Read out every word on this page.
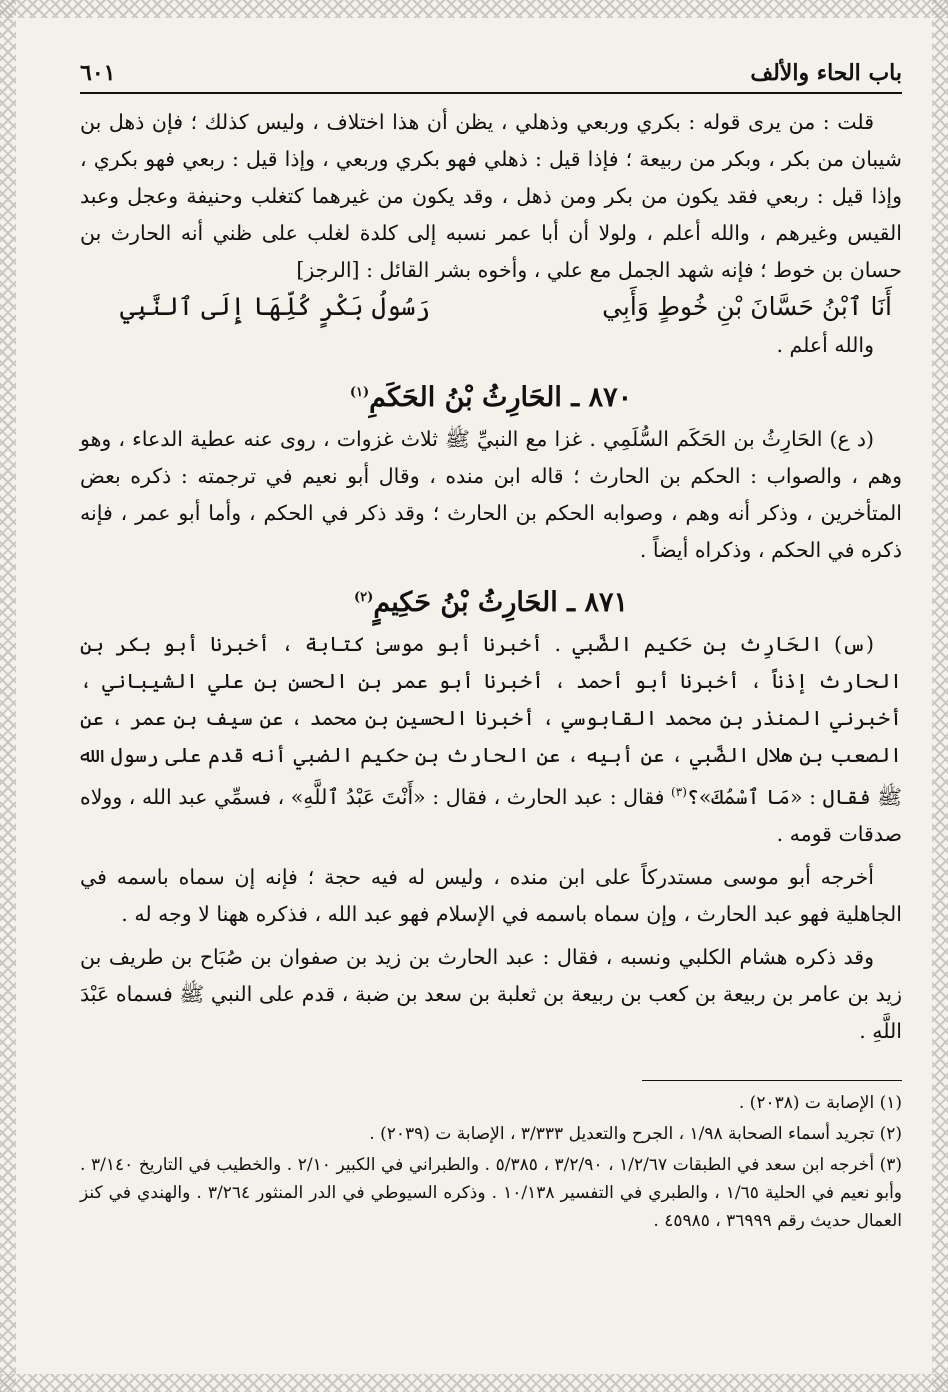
باب الحاء والألف
٦٠١

قلت : من يرى قوله : بكري وربعي وذهلي ، يظن أن هذا اختلاف ، وليس كذلك ؛ فإن ذهل بن شيبان من بكر ، وبكر من ربيعة ؛ فإذا قيل : ذهلي فهو بكري وربعي ، وإذا قيل : ربعي فهو بكري ، وإذا قيل : ربعي فقد يكون من بكر ومن ذهل ، وقد يكون من غيرهما كتغلب وحنيفة وعجل وعبد القيس وغيرهم ، والله أعلم ، ولولا أن أبا عمر نسبه إلى كلدة لغلب على ظني أنه الحارث بن حسان بن خوط ؛ فإنه شهد الجمل مع علي ، وأخوه بشر القائل : [الرجز]

أَنَا ٱبْنُ حَسَّانَ بْنِ خُوطٍ وَأَبِي
رَسُولُ بَكْرٍ كُلِّهَا إِلَى ٱلنَّبِي

والله أعلم .

٨٧٠ ـ الحَارِثُ بْنُ الحَكَمِ$^{(١)}$

(د ع) الحَارِثُ بن الحَكَم السُّلَمِي . غزا مع النبيِّ ﷺ ثلاث غزوات ، روى عنه عطية الدعاء ، وهو وهم ، والصواب : الحكم بن الحارث ؛ قاله ابن منده ، وقال أبو نعيم في ترجمته : ذكره بعض المتأخرين ، وذكر أنه وهم ، وصوابه الحكم بن الحارث ؛ وقد ذكر في الحكم ، وأما أبو عمر ، فإنه ذكره في الحكم ، وذكراه أيضاً .

٨٧١ ـ الحَارِثُ بْنُ حَكِيمٍ$^{(٢)}$

(س) الحَارِث بن حَكيم الضَّبي . أخبرنا أبو موسىٰ كتابة ، أخبرنا أبو بكر بن الحارث إذناً ، أخبرنا أبو أحمد ، أخبرنا أبو عمر بن الحسن بن علي الشيباني ، أخبرني المنذر بن محمد القابوسي ، أخبرنا الحسين بن محمد ، عن سيف بن عمر ، عن الصعب بن هلال الضَّبي ، عن أبيه ، عن الحارث بن حكيم الضبي أنه قدم على رسول الله ﷺ فقال : «مَا ٱسْمُكَ»؟$^{(٣)}$ فقال : عبد الحارث ، فقال : «أَنْتَ عَبْدُ ٱللَّهِ» ، فسمِّي عبد الله ، وولاه صدقات قومه .

أخرجه أبو موسى مستدركاً على ابن منده ، وليس له فيه حجة ؛ فإنه إن سماه باسمه في الجاهلية فهو عبد الحارث ، وإن سماه باسمه في الإسلام فهو عبد الله ، فذكره ههنا لا وجه له .

وقد ذكره هشام الكلبي ونسبه ، فقال : عبد الحارث بن زيد بن صفوان بن صُبَاح بن طريف بن زيد بن عامر بن ربيعة بن كعب بن ربيعة بن ثعلبة بن سعد بن ضبة ، قدم على النبي ﷺ فسماه عَبْدَ اللَّهِ .

(١) الإصابة ت (٢٠٣٨) .

(٢) تجريد أسماء الصحابة ١/٩٨ ، الجرح والتعديل ٣/٣٣٣ ، الإصابة ت (٢٠٣٩) .

(٣) أخرجه ابن سعد في الطبقات ١/٢/٦٧ ، ٣/٢/٩٠ ، ٥/٣٨٥ . والطبراني في الكبير ٢/١٠ . والخطيب في التاريخ ٣/١٤٠ . وأبو نعيم في الحلية ١/٦٥ ، والطبري في التفسير ١٠/١٣٨ . وذكره السيوطي في الدر المنثور ٣/٢٦٤ . والهندي في كنز العمال حديث رقم ٣٦٩٩٩ ، ٤٥٩٨٥ .
